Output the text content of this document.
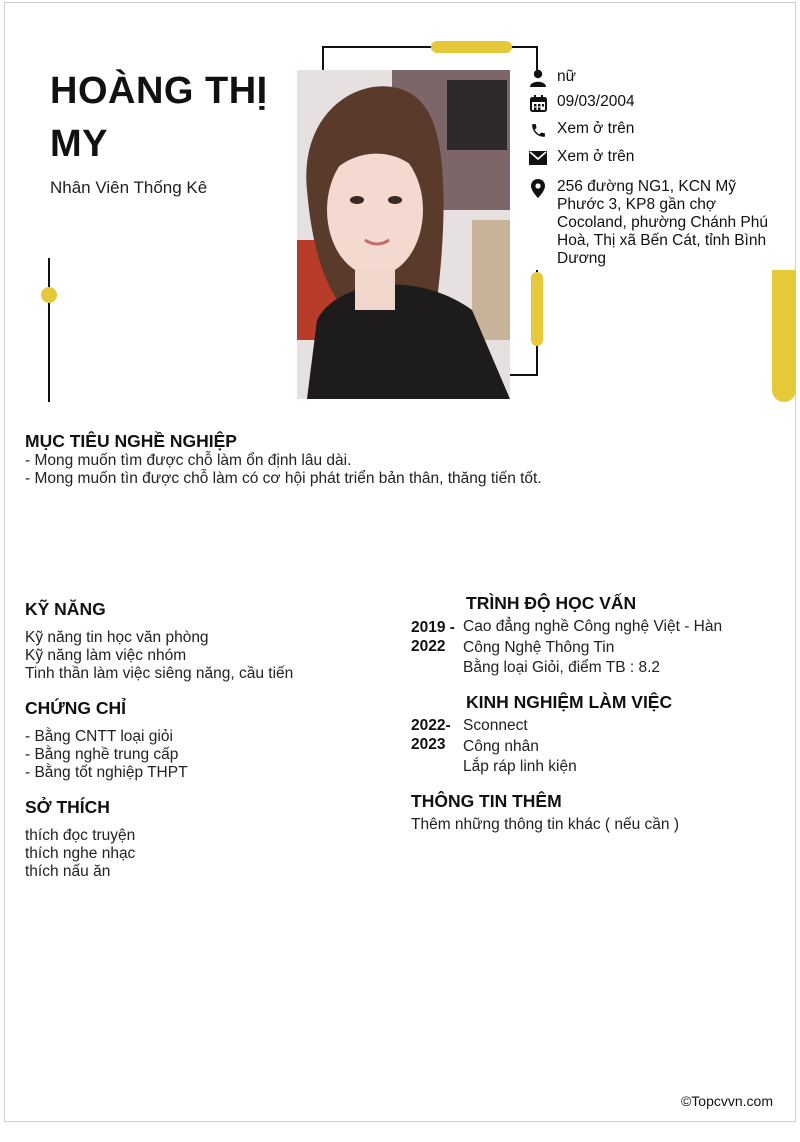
HOÀNG THỊ
MY
Nhân Viên Thống Kê
nữ
09/03/2004
Xem ở trên
Xem ở trên
256 đường NG1, KCN Mỹ Phước 3, KP8 gần chợ Cocoland, phường Chánh Phú Hoà, Thị xã Bến Cát, tỉnh Bình Dương
MỤC TIÊU NGHỀ NGHIỆP
- Mong muốn tìm được chỗ làm ổn định lâu dài.
- Mong muốn tìn được chỗ làm có cơ hội phát triển bản thân, thăng tiến tốt.
KỸ NĂNG
Kỹ năng tin học văn phòng
Kỹ năng làm việc nhóm
Tinh thần làm việc siêng năng, cầu tiến
CHỨNG CHỈ
- Bằng CNTT loại giỏi
- Bằng nghề trung cấp
- Bằng tốt nghiệp THPT
SỞ THÍCH
thích đọc truyện
thích nghe nhạc
thích nấu ăn
TRÌNH ĐỘ HỌC VẤN
2019 -
2022
Cao đẳng nghề Công nghệ Việt - Hàn
Công Nghệ Thông Tin
Bằng loại Giỏi, điểm TB : 8.2
KINH NGHIỆM LÀM VIỆC
2022-
2023
Sconnect
Công nhân
Lắp ráp linh kiện
THÔNG TIN THÊM
Thêm những thông tin khác ( nếu cần )
©Topcvvn.com
